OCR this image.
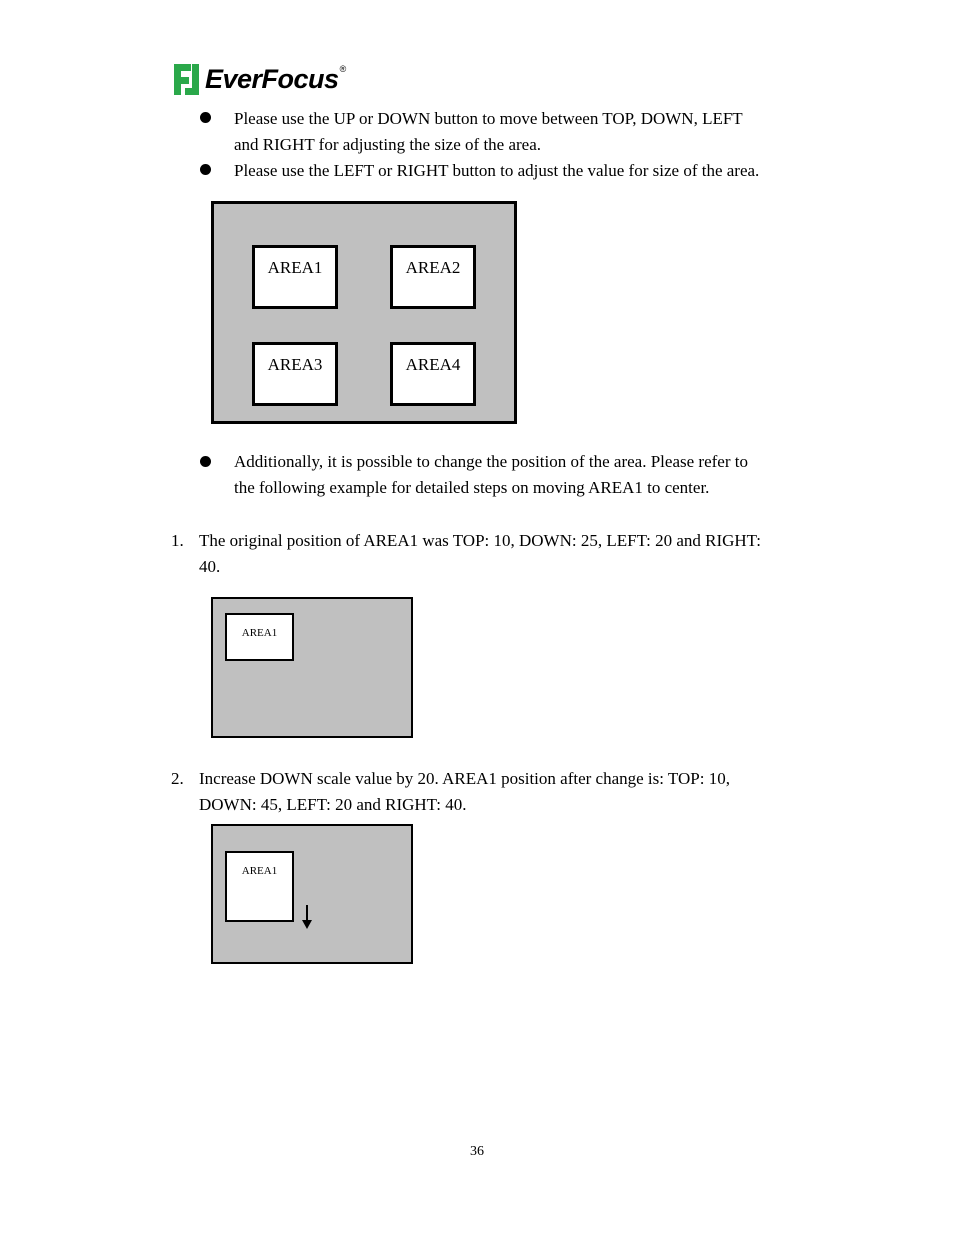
EverFocus ®
Please use the UP or DOWN button to move between TOP, DOWN, LEFT
and RIGHT for adjusting the size of the area.
Please use the LEFT or RIGHT button to adjust the value for size of the area.
AREA1	AREA2
AREA3	AREA4
Additionally, it is possible to change the position of the area. Please refer to
the following example for detailed steps on moving AREA1 to center.
1. The original position of AREA1 was TOP: 10, DOWN: 25, LEFT: 20 and RIGHT:
40.
AREA1
2. Increase DOWN scale value by 20. AREA1 position after change is: TOP: 10,
DOWN: 45, LEFT: 20 and RIGHT: 40.
AREA1
36
